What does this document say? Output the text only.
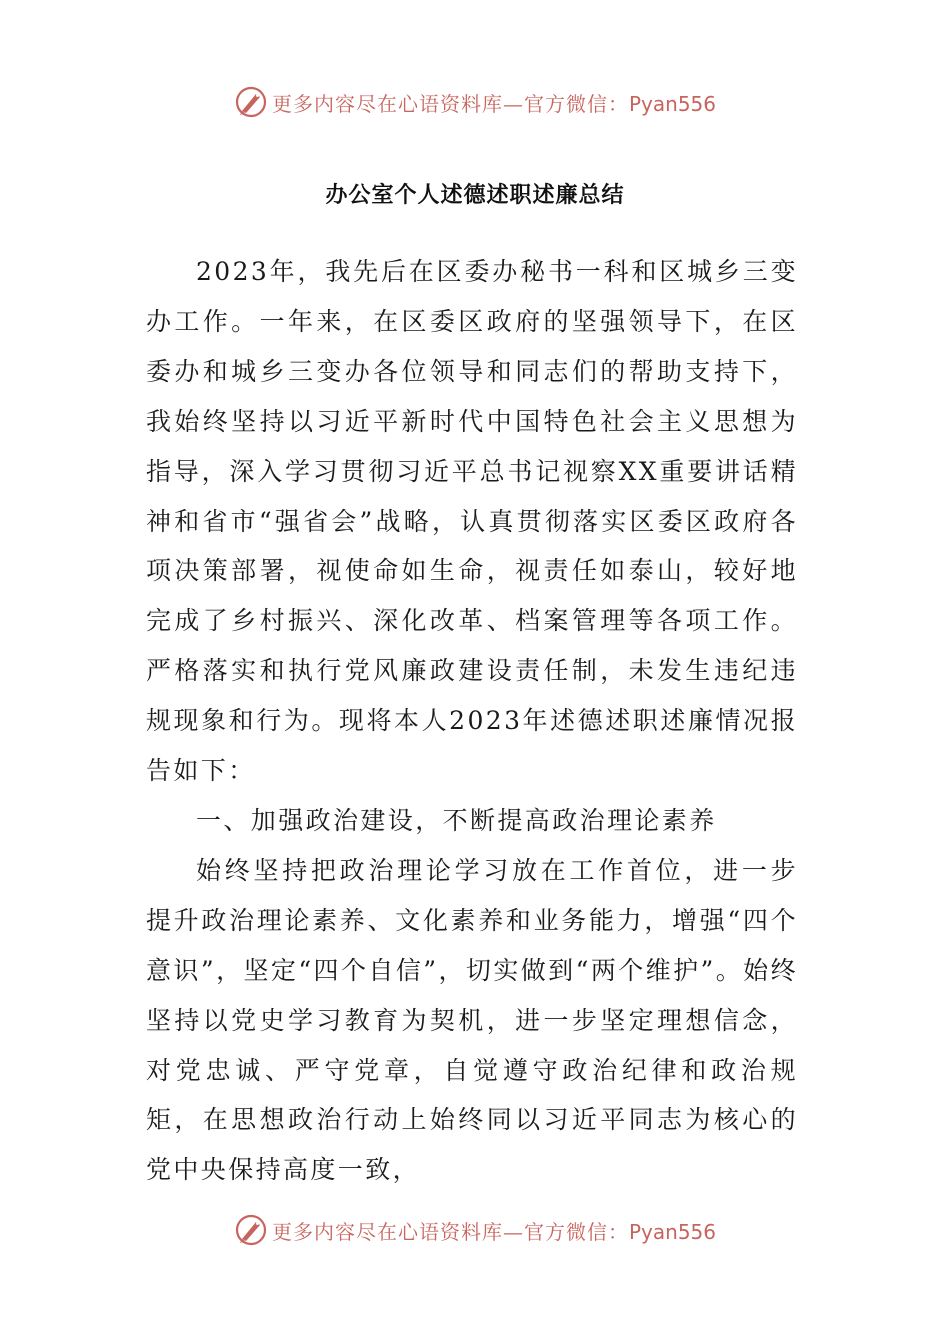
更多内容尽在心语资料库—官方微信：Pyan556
办公室个人述德述职述廉总结

2023年，我先后在区委办秘书一科和区城乡三变办工作。一年来，在区委区政府的坚强领导下，在区委办和城乡三变办各位领导和同志们的帮助支持下，我始终坚持以习近平新时代中国特色社会主义思想为指导，深入学习贯彻习近平总书记视察XX重要讲话精神和省市“强省会”战略，认真贯彻落实区委区政府各项决策部署，视使命如生命，视责任如泰山，较好地完成了乡村振兴、深化改革、档案管理等各项工作。严格落实和执行党风廉政建设责任制，未发生违纪违规现象和行为。现将本人2023年述德述职述廉情况报告如下：

一、加强政治建设，不断提高政治理论素养

始终坚持把政治理论学习放在工作首位，进一步提升政治理论素养、文化素养和业务能力，增强“四个意识”，坚定“四个自信”，切实做到“两个维护”。始终坚持以党史学习教育为契机，进一步坚定理想信念，对党忠诚、严守党章，自觉遵守政治纪律和政治规矩，在思想政治行动上始终同以习近平同志为核心的党中央保持高度一致，

更多内容尽在心语资料库—官方微信：Pyan556
